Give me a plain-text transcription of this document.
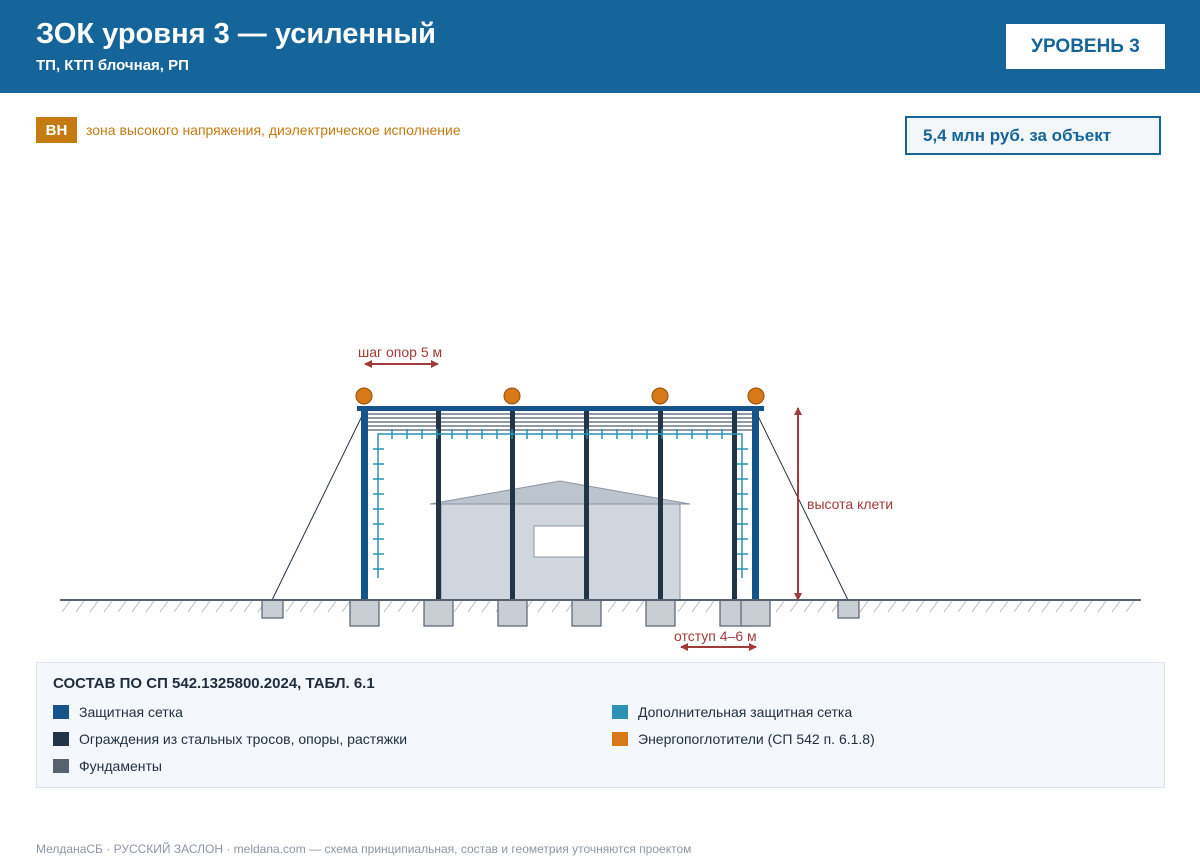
ЗОК уровня 3 — усиленный
ТП, КТП блочная, РП
УРОВЕНЬ 3
ВН	зона высокого напряжения, диэлектрическое исполнение	5,4 млн руб. за объект
шаг опор 5 м
высота клети
отступ 4–6 м
СОСТАВ ПО СП 542.1325800.2024, ТАБЛ. 6.1
Защитная сетка
Ограждения из стальных тросов, опоры, растяжки
Фундаменты
Дополнительная защитная сетка
Энергопоглотители (СП 542 п. 6.1.8)
МелданаСБ · РУССКИЙ ЗАСЛОН · meldana.com — схема принципиальная, состав и геометрия уточняются проектом
